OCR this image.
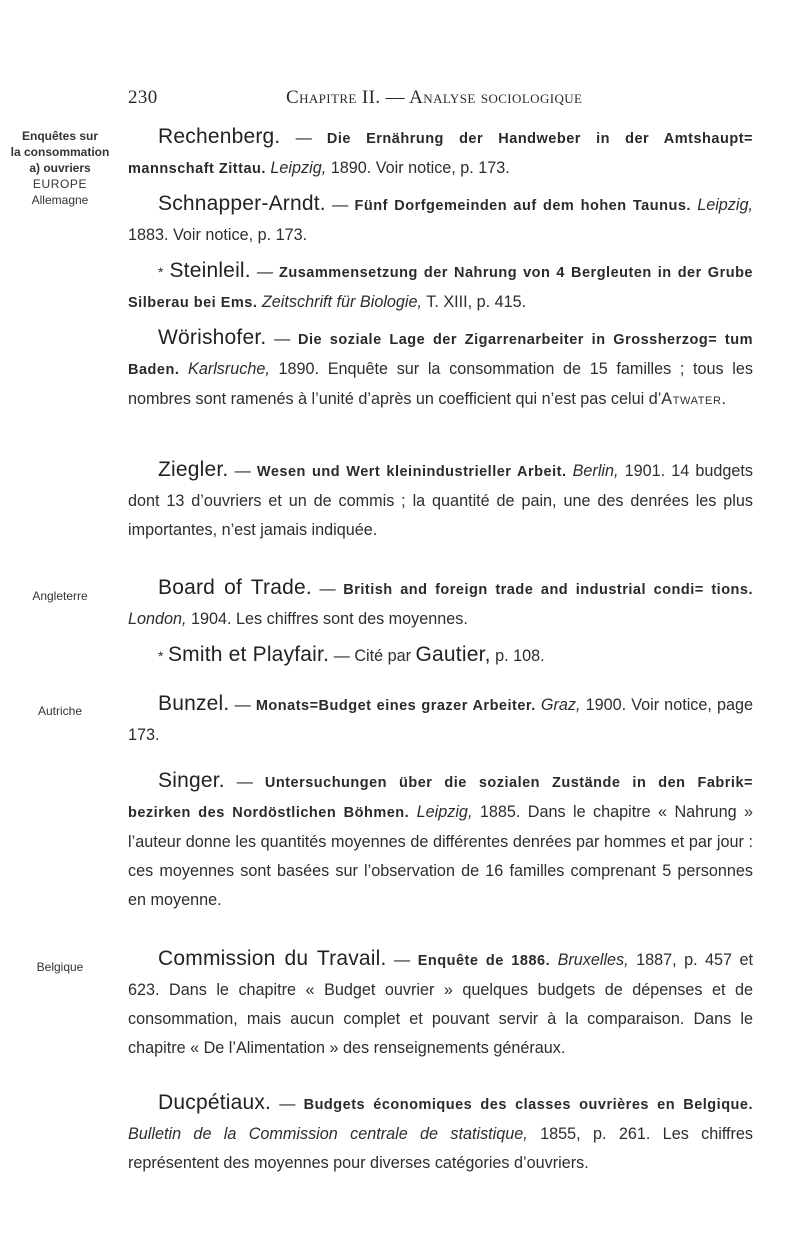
230	Chapitre II. — Analyse sociologique
Enquêtes sur
la consommation
a) ouvriers
EUROPE
Allemagne
Angleterre
Autriche
Belgique
Rechenberg. — Die Ernährung der Handweber in der Amtshaupt= mannschaft Zittau. Leipzig, 1890. Voir notice, p. 173.
Schnapper-Arndt. — Fünf Dorfgemeinden auf dem hohen Taunus. Leipzig, 1883. Voir notice, p. 173.
* Steinleil. — Zusammensetzung der Nahrung von 4 Bergleuten in der Grube Silberau bei Ems. Zeitschrift für Biologie, T. XIII, p. 415.
Wörishofer. — Die soziale Lage der Zigarrenarbeiter in Grossherzog= tum Baden. Karlsruche, 1890. Enquête sur la consommation de 15 familles ; tous les nombres sont ramenés à l’unité d’après un coefficient qui n’est pas celui d’Atwater.
Ziegler. — Wesen und Wert kleinindustrieller Arbeit. Berlin, 1901. 14 budgets dont 13 d’ouvriers et un de commis ; la quantité de pain, une des denrées les plus importantes, n’est jamais indiquée.
Board of Trade. — British and foreign trade and industrial condi= tions. London, 1904. Les chiffres sont des moyennes.
* Smith et Playfair. — Cité par Gautier, p. 108.
Bunzel. — Monats=Budget eines grazer Arbeiter. Graz, 1900. Voir notice, page 173.
Singer. — Untersuchungen über die sozialen Zustände in den Fabrik= bezirken des Nordöstlichen Böhmen. Leipzig, 1885. Dans le chapitre « Nahrung » l’auteur donne les quantités moyennes de différentes denrées par hommes et par jour : ces moyennes sont basées sur l’observation de 16 familles comprenant 5 personnes en moyenne.
Commission du Travail. — Enquête de 1886. Bruxelles, 1887, p. 457 et 623. Dans le chapitre « Budget ouvrier » quelques budgets de dépenses et de consommation, mais aucun complet et pouvant servir à la comparaison. Dans le chapitre « De l’Alimentation » des renseignements généraux.
Ducpétiaux. — Budgets économiques des classes ouvrières en Belgique. Bulletin de la Commission centrale de statistique, 1855, p. 261. Les chiffres représentent des moyennes pour diverses catégories d’ouvriers.
